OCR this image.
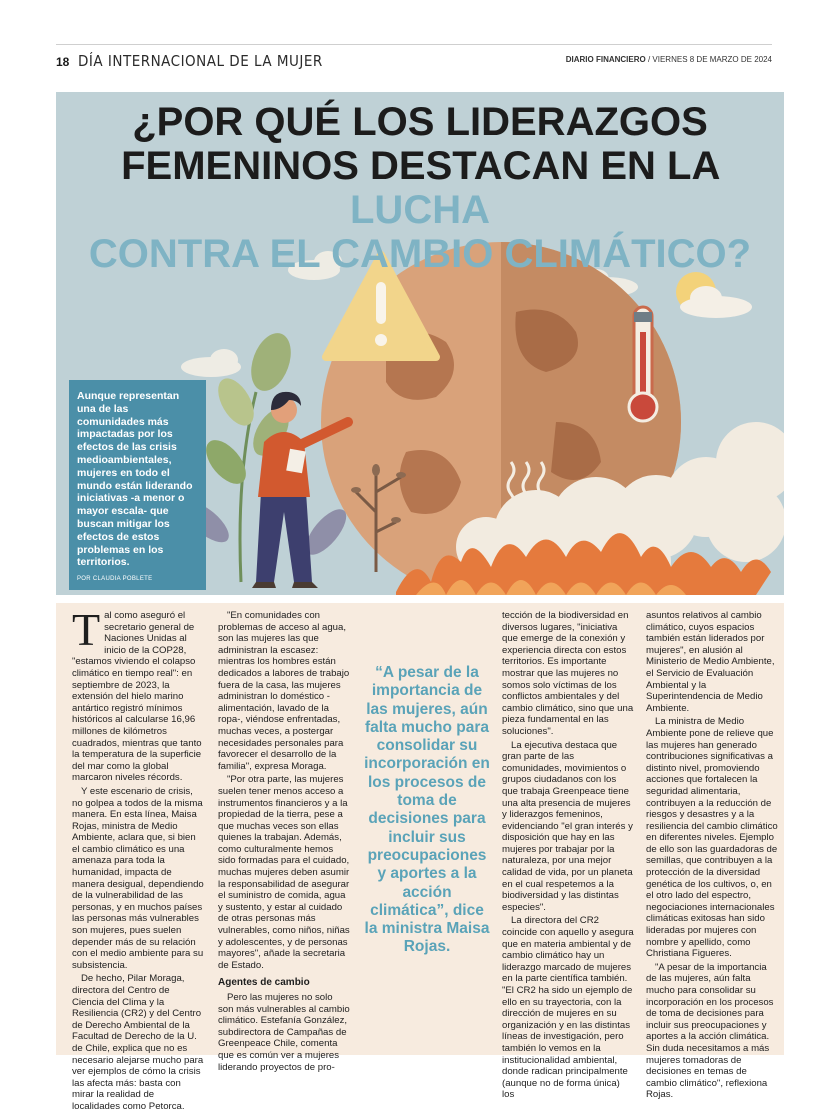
18 DÍA INTERNACIONAL DE LA MUJER	DIARIO FINANCIERO / VIERNES 8 DE MARZO DE 2024
¿POR QUÉ LOS LIDERAZGOS
FEMENINOS DESTACAN EN LA LUCHA
CONTRA EL CAMBIO CLIMÁTICO?
Aunque representan una de las comunidades más impactadas por los efectos de las crisis medioambientales, mujeres en todo el mundo están liderando iniciativas -a menor o mayor escala- que buscan mitigar los efectos de estos problemas en los territorios.
POR CLAUDIA POBLETE

Tal como aseguró el secretario general de Naciones Unidas al inicio de la COP28, "estamos viviendo el colapso climático en tiempo real": en septiembre de 2023, la extensión del hielo marino antártico registró mínimos históricos al calcularse 16,96 millones de kilómetros cuadrados, mientras que tanto la temperatura de la superficie del mar como la global marcaron niveles récords.

Y este escenario de crisis, no golpea a todos de la misma manera. En esta línea, Maisa Rojas, ministra de Medio Ambiente, aclara que, si bien el cambio climático es una amenaza para toda la humanidad, impacta de manera desigual, dependiendo de la vulnerabilidad de las personas, y en muchos países las personas más vulnerables son mujeres, pues suelen depender más de su relación con el medio ambiente para su subsistencia.

De hecho, Pilar Moraga, directora del Centro de Ciencia del Clima y la Resiliencia (CR2) y del Centro de Derecho Ambiental de la Facultad de Derecho de la U. de Chile, explica que no es necesario alejarse mucho para ver ejemplos de cómo la crisis las afecta más: basta con mirar la realidad de localidades como Petorca.

"En comunidades con problemas de acceso al agua, son las mujeres las que administran la escasez: mientras los hombres están dedicados a labores de trabajo fuera de la casa, las mujeres administran lo doméstico -alimentación, lavado de la ropa-, viéndose enfrentadas, muchas veces, a postergar necesidades personales para favorecer el desarrollo de la familia", expresa Moraga.

"Por otra parte, las mujeres suelen tener menos acceso a instrumentos financieros y a la propiedad de la tierra, pese a que muchas veces son ellas quienes la trabajan. Además, como culturalmente hemos sido formadas para el cuidado, muchas mujeres deben asumir la responsabilidad de asegurar el suministro de comida, agua y sustento, y estar al cuidado de otras personas más vulnerables, como niños, niñas y adolescentes, y de personas mayores", añade la secretaria de Estado.

Agentes de cambio

Pero las mujeres no solo son más vulnerables al cambio climático. Estefanía González, subdirectora de Campañas de Greenpeace Chile, comenta que es común ver a mujeres liderando proyectos de pro-

“A pesar de la importancia de las mujeres, aún falta mucho para consolidar su incorporación en los procesos de toma de decisiones para incluir sus preocupaciones y aportes a la acción climática”, dice la ministra Maisa Rojas.

tección de la biodiversidad en diversos lugares, "iniciativa que emerge de la conexión y experiencia directa con estos territorios. Es importante mostrar que las mujeres no somos solo víctimas de los conflictos ambientales y del cambio climático, sino que una pieza fundamental en las soluciones".

La ejecutiva destaca que gran parte de las comunidades, movimientos o grupos ciudadanos con los que trabaja Greenpeace tiene una alta presencia de mujeres y liderazgos femeninos, evidenciando "el gran interés y disposición que hay en las mujeres por trabajar por la naturaleza, por una mejor calidad de vida, por un planeta en el cual respetemos a la biodiversidad y las distintas especies".

La directora del CR2 coincide con aquello y asegura que en materia ambiental y de cambio climático hay un liderazgo marcado de mujeres en la parte científica también. "El CR2 ha sido un ejemplo de ello en su trayectoria, con la dirección de mujeres en su organización y en las distintas líneas de investigación, pero también lo vemos en la institucionalidad ambiental, donde radican principalmente (aunque no de forma única) los

asuntos relativos al cambio climático, cuyos espacios también están liderados por mujeres", en alusión al Ministerio de Medio Ambiente, el Servicio de Evaluación Ambiental y la Superintendencia de Medio Ambiente.

La ministra de Medio Ambiente pone de relieve que las mujeres han generado contribuciones significativas a distinto nivel, promoviendo acciones que fortalecen la seguridad alimentaria, contribuyen a la reducción de riesgos y desastres y a la resiliencia del cambio climático en diferentes niveles. Ejemplo de ello son las guardadoras de semillas, que contribuyen a la protección de la diversidad genética de los cultivos, o, en el otro lado del espectro, negociaciones internacionales climáticas exitosas han sido lideradas por mujeres con nombre y apellido, como Christiana Figueres.

"A pesar de la importancia de las mujeres, aún falta mucho para consolidar su incorporación en los procesos de toma de decisiones para incluir sus preocupaciones y aportes a la acción climática. Sin duda necesitamos a más mujeres tomadoras de decisiones en temas de cambio climático", reflexiona Rojas.
